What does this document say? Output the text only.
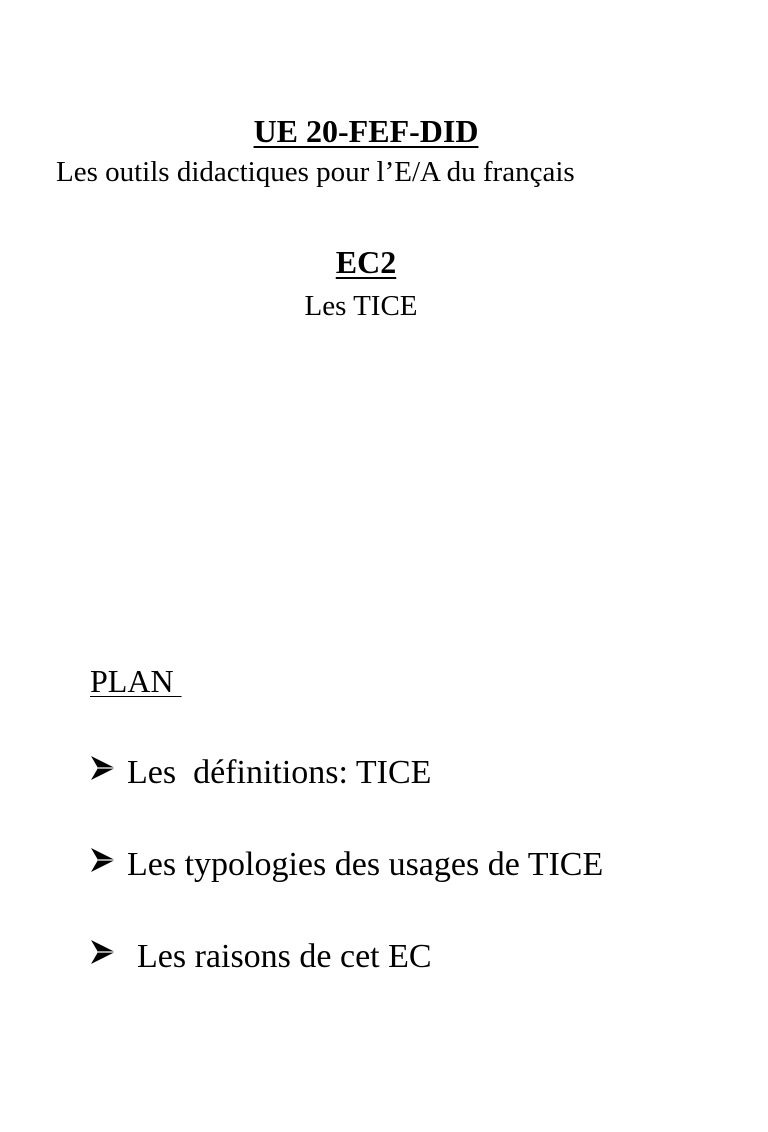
UE 20-FEF-DID
Les outils didactiques pour l’E/A du français
EC2
Les TICE
PLAN

Les  définitions: TICE

Les typologies des usages de TICE

Les raisons de cet EC
